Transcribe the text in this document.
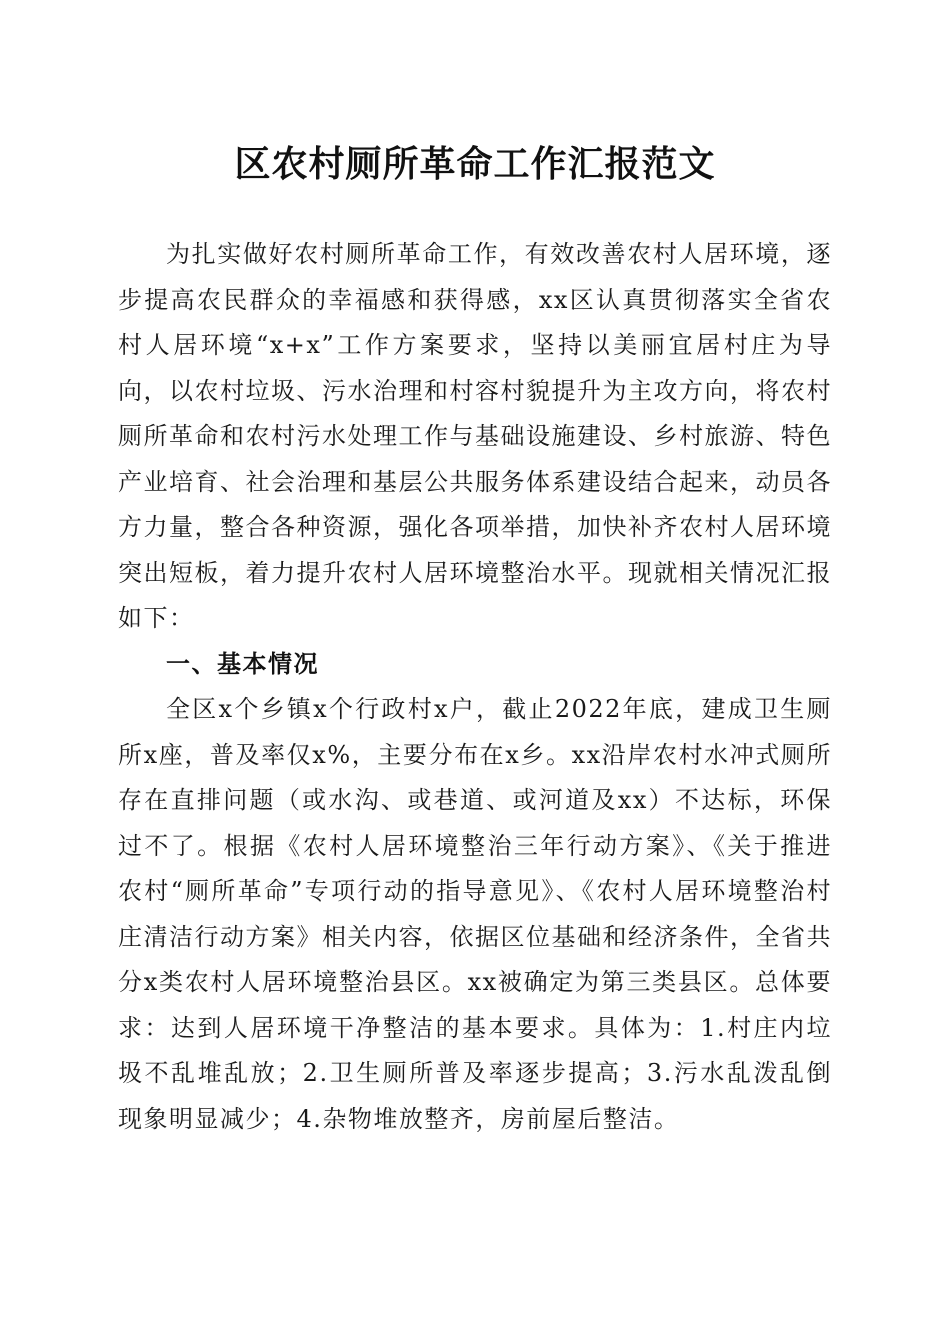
区农村厕所革命工作汇报范文

为扎实做好农村厕所革命工作，有效改善农村人居环境，逐步提高农民群众的幸福感和获得感，xx区认真贯彻落实全省农村人居环境“x+x”工作方案要求，坚持以美丽宜居村庄为导向，以农村垃圾、污水治理和村容村貌提升为主攻方向，将农村厕所革命和农村污水处理工作与基础设施建设、乡村旅游、特色产业培育、社会治理和基层公共服务体系建设结合起来，动员各方力量，整合各种资源，强化各项举措，加快补齐农村人居环境突出短板，着力提升农村人居环境整治水平。现就相关情况汇报如下：

一、基本情况

全区x个乡镇x个行政村x户，截止2022年底，建成卫生厕所x座，普及率仅x%，主要分布在x乡。xx沿岸农村水冲式厕所存在直排问题（或水沟、或巷道、或河道及xx）不达标，环保过不了。根据《农村人居环境整治三年行动方案》、《关于推进农村“厕所革命”专项行动的指导意见》、《农村人居环境整治村庄清洁行动方案》相关内容，依据区位基础和经济条件，全省共分x类农村人居环境整治县区。xx被确定为第三类县区。总体要求：达到人居环境干净整洁的基本要求。具体为：1.村庄内垃圾不乱堆乱放；2.卫生厕所普及率逐步提高；3.污水乱泼乱倒现象明显减少；4.杂物堆放整齐，房前屋后整洁。
